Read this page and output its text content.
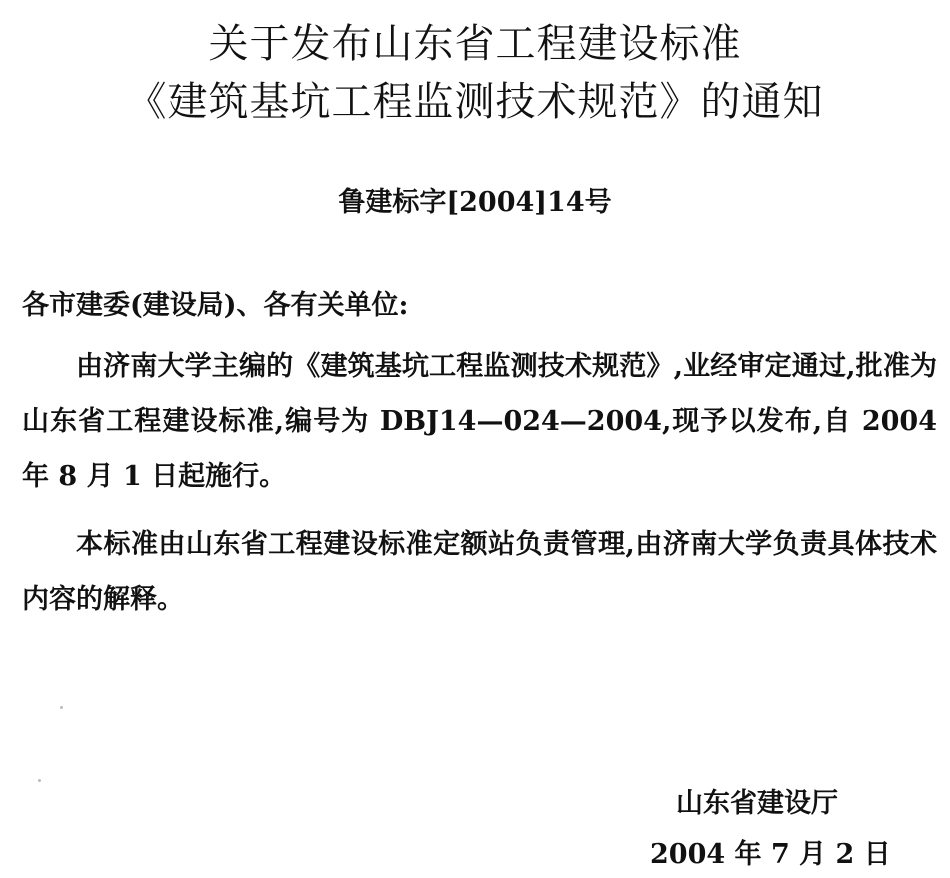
关于发布山东省工程建设标准
《建筑基坑工程监测技术规范》的通知
鲁建标字[2004]14号
各市建委(建设局)、各有关单位:

由济南大学主编的《建筑基坑工程监测技术规范》,业经审定通过,批准为山东省工程建设标准,编号为 DBJ14—024—2004,现予以发布,自 2004 年 8 月 1 日起施行。

本标准由山东省工程建设标准定额站负责管理,由济南大学负责具体技术内容的解释。

山东省建设厅
2004 年 7 月 2 日
